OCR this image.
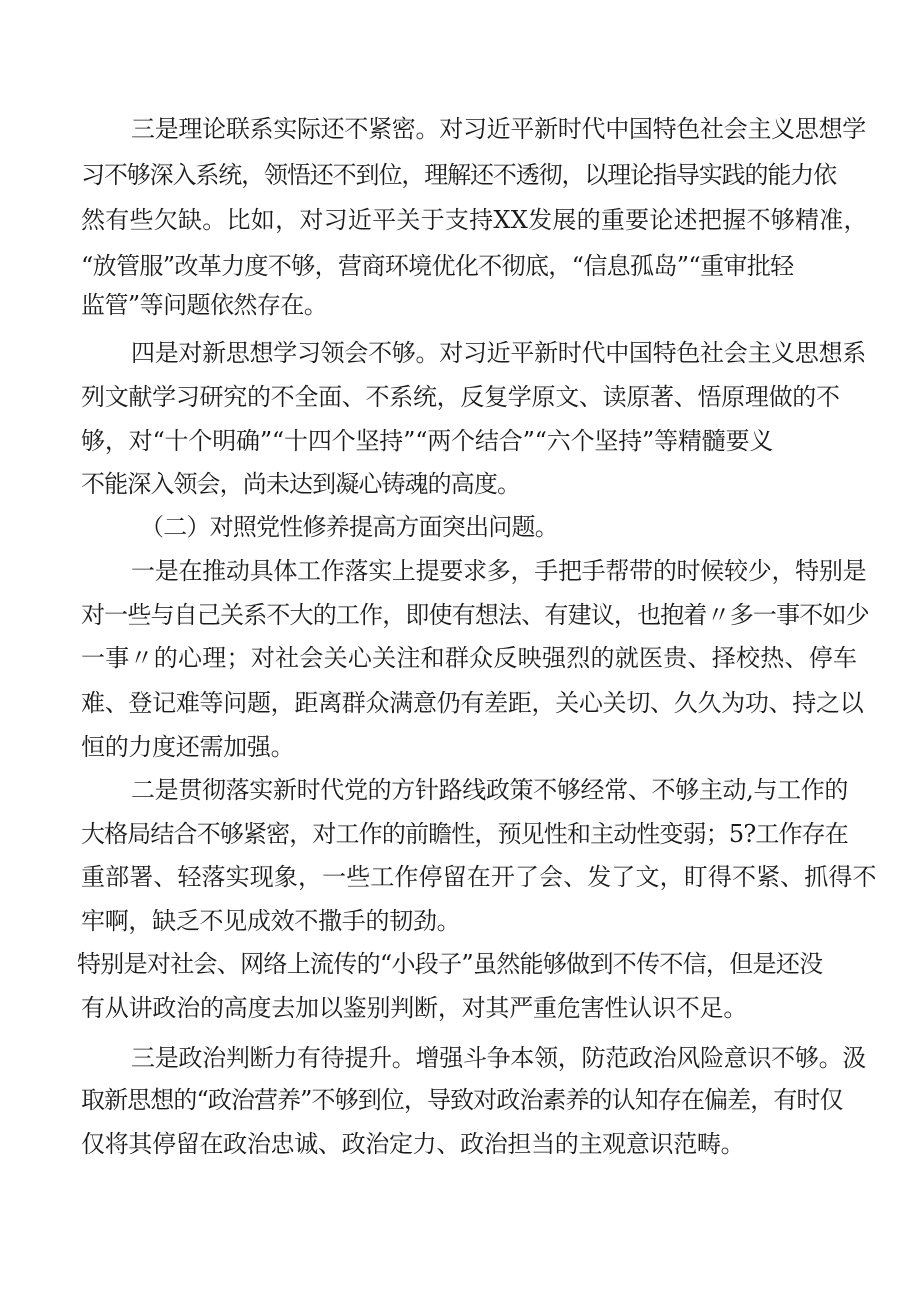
三是理论联系实际还不紧密。对习近平新时代中国特色社会主义思想学
习不够深入系统，领悟还不到位，理解还不透彻，以理论指导实践的能力依
然有些欠缺。比如，对习近平关于支持XX发展的重要论述把握不够精准，
“放管服”改革力度不够，营商环境优化不彻底，“信息孤岛”“重审批轻
监管”等问题依然存在。
四是对新思想学习领会不够。对习近平新时代中国特色社会主义思想系
列文献学习研究的不全面、不系统，反复学原文、读原著、悟原理做的不
够，对“十个明确”“十四个坚持”“两个结合”“六个坚持”等精髓要义
不能深入领会，尚未达到凝心铸魂的高度。
（二）对照党性修养提高方面突出问题。
一是在推动具体工作落实上提要求多，手把手帮带的时候较少，特别是
对一些与自己关系不大的工作，即使有想法、有建议，也抱着〃多一事不如少
一事〃的心理；对社会关心关注和群众反映强烈的就医贵、择校热、停车
难、登记难等问题，距离群众满意仍有差距，关心关切、久久为功、持之以
恒的力度还需加强。
二是贯彻落实新时代党的方针路线政策不够经常、不够主动,与工作的
大格局结合不够紧密，对工作的前瞻性，预见性和主动性变弱；5?工作存在
重部署、轻落实现象，一些工作停留在开了会、发了文，盯得不紧、抓得不
牢啊，缺乏不见成效不撒手的韧劲。
特别是对社会、网络上流传的“小段子”虽然能够做到不传不信，但是还没
有从讲政治的高度去加以鉴别判断，对其严重危害性认识不足。
三是政治判断力有待提升。增强斗争本领，防范政治风险意识不够。汲
取新思想的“政治营养”不够到位，导致对政治素养的认知存在偏差，有时仅
仅将其停留在政治忠诚、政治定力、政治担当的主观意识范畴。
